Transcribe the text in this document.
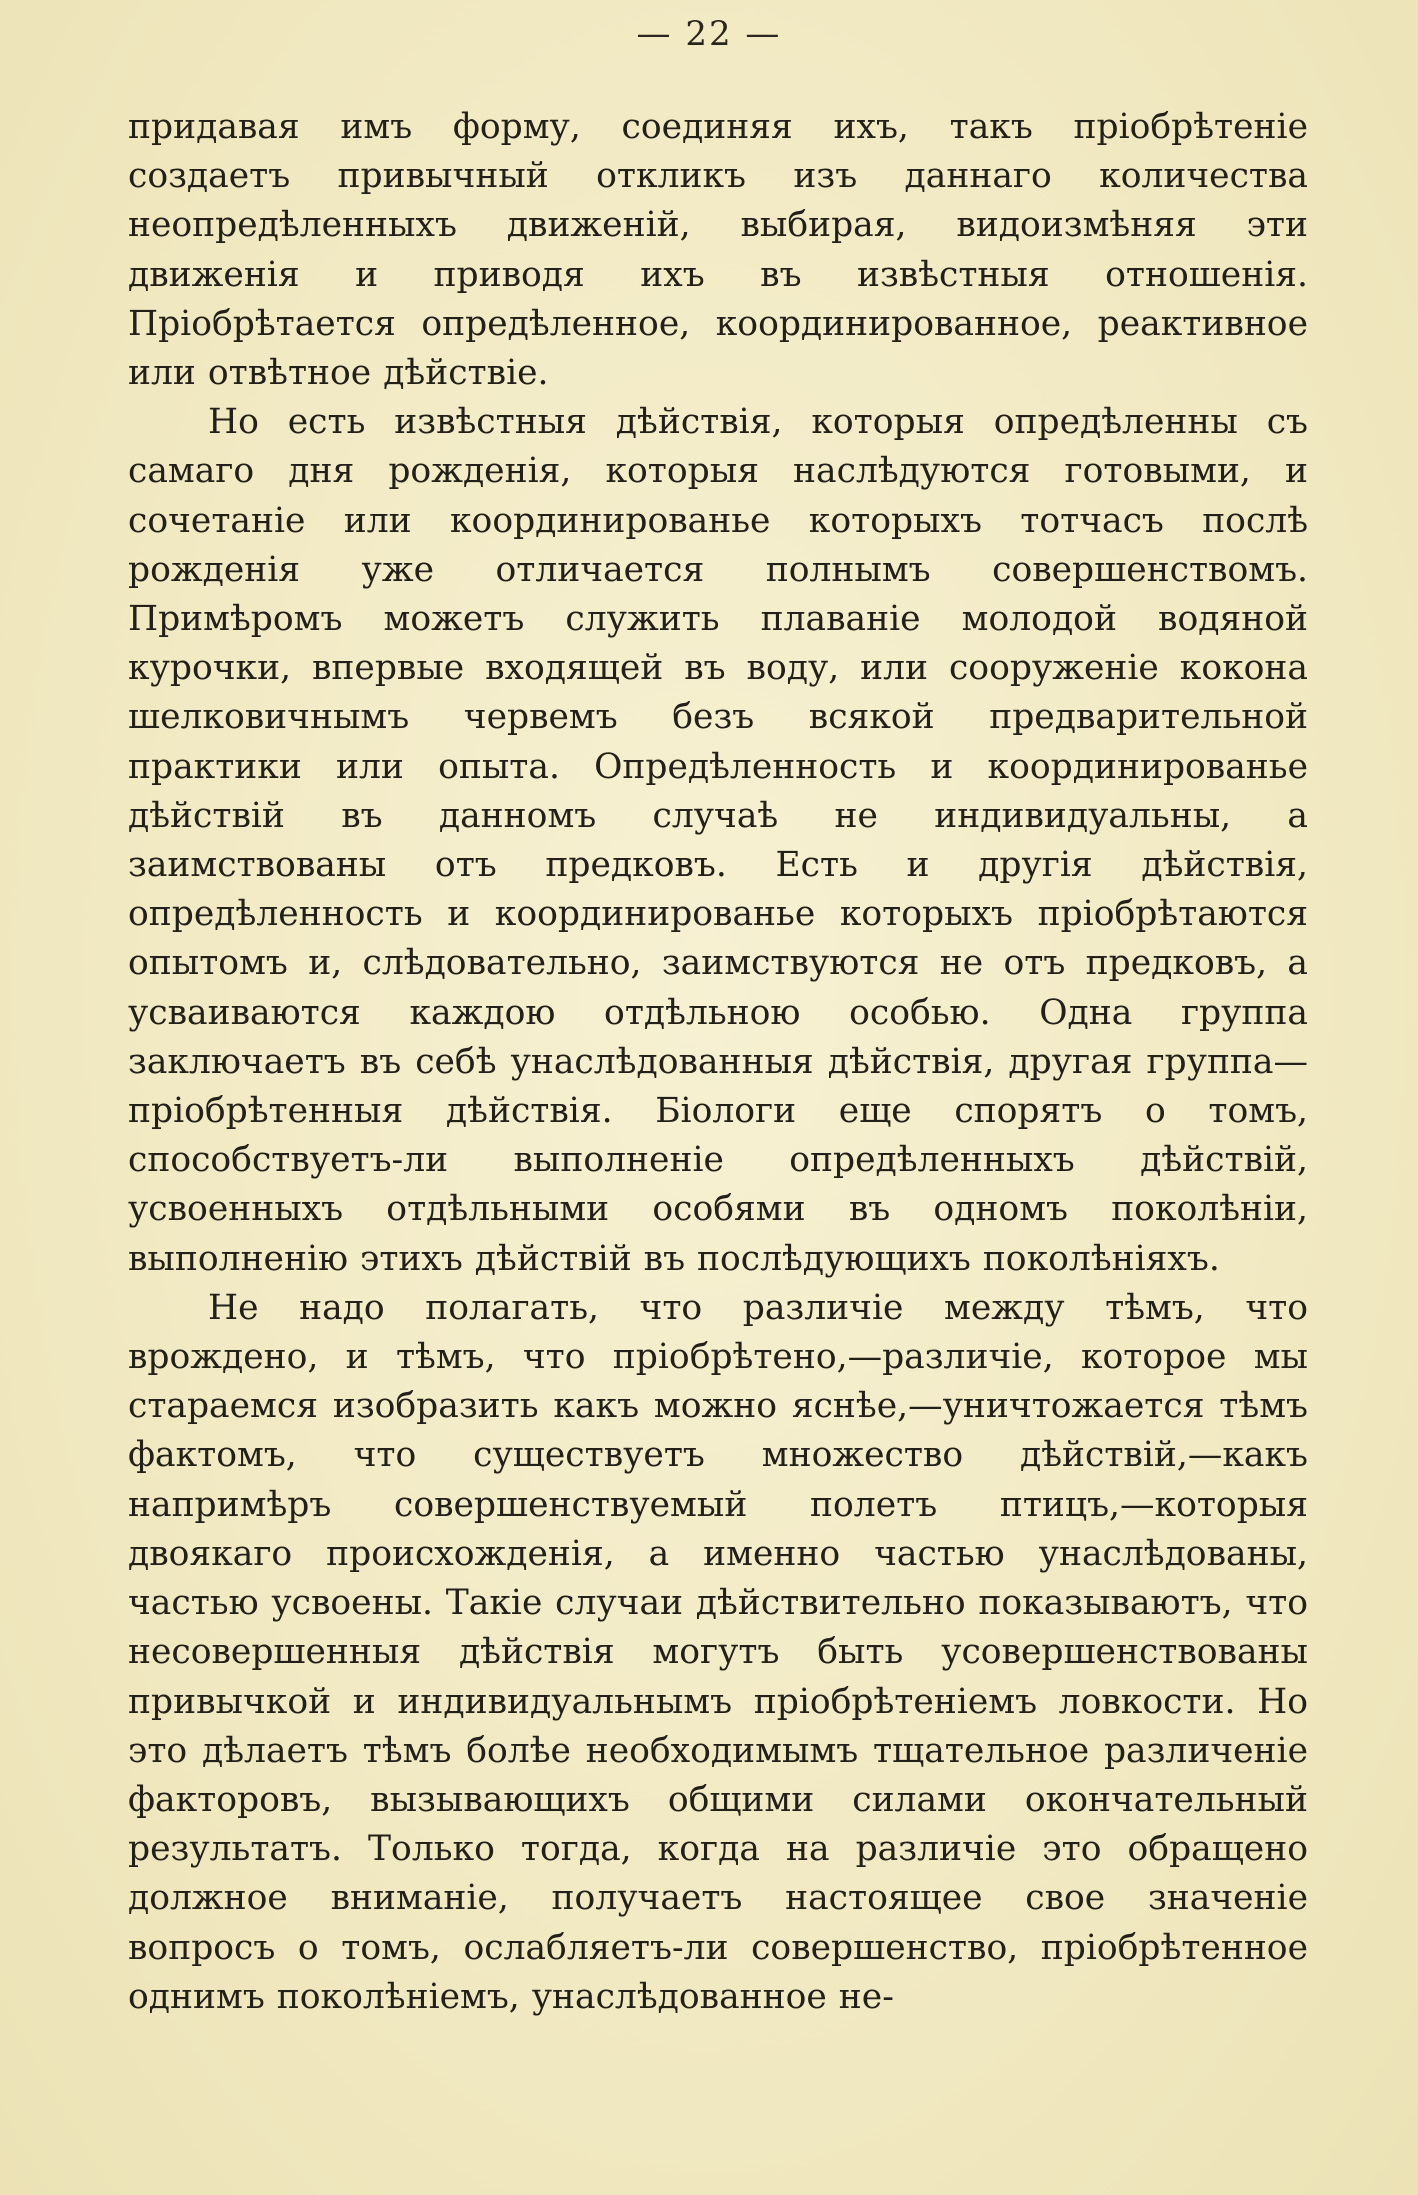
— 22 —

придавая имъ форму, соединяя ихъ, такъ пріобрѣтеніе создаетъ привычный откликъ изъ даннаго количества неопредѣленныхъ движеній, выбирая, видоизмѣняя эти движенія и приводя ихъ въ извѣстныя отношенія. Пріобрѣтается опредѣленное, координированное, реактивное или отвѣтное дѣйствіе.

Но есть извѣстныя дѣйствія, которыя опредѣленны съ самаго дня рожденія, которыя наслѣдуются готовыми, и сочетаніе или координированье которыхъ тотчасъ послѣ рожденія уже отличается полнымъ совершенствомъ. Примѣромъ можетъ служить плаваніе молодой водяной курочки, впервые входящей въ воду, или сооруженіе кокона шелковичнымъ червемъ безъ всякой предварительной практики или опыта. Опредѣленность и координированье дѣйствій въ данномъ случаѣ не индивидуальны, а заимствованы отъ предковъ. Есть и другія дѣйствія, опредѣленность и координированье которыхъ пріобрѣтаются опытомъ и, слѣдовательно, заимствуются не отъ предковъ, а усваиваются каждою отдѣльною особью. Одна группа заключаетъ въ себѣ унаслѣдованныя дѣйствія, другая группа— пріобрѣтенныя дѣйствія. Біологи еще спорятъ о томъ, способствуетъ-ли выполненіе опредѣленныхъ дѣйствій, усвоенныхъ отдѣльными особями въ одномъ поколѣніи, выполненію этихъ дѣйствій въ послѣдующихъ поколѣніяхъ.

Не надо полагать, что различіе между тѣмъ, что врождено, и тѣмъ, что пріобрѣтено,—различіе, которое мы стараемся изобразить какъ можно яснѣе,—уничтожается тѣмъ фактомъ, что существуетъ множество дѣйствій,—какъ напримѣръ совершенствуемый полетъ птицъ,—которыя двоякаго происхожденія, а именно частью унаслѣдованы, частью усвоены. Такіе случаи дѣйствительно показываютъ, что несовершенныя дѣйствія могутъ быть усовершенствованы привычкой и индивидуальнымъ пріобрѣтеніемъ ловкости. Но это дѣлаетъ тѣмъ болѣе необходимымъ тщательное различеніе факторовъ, вызывающихъ общими силами окончательный результатъ. Только тогда, когда на различіе это обращено должное вниманіе, получаетъ настоящее свое значеніе вопросъ о томъ, ослабляетъ-ли совершенство, пріобрѣтенное однимъ поколѣніемъ, унаслѣдованное не-
